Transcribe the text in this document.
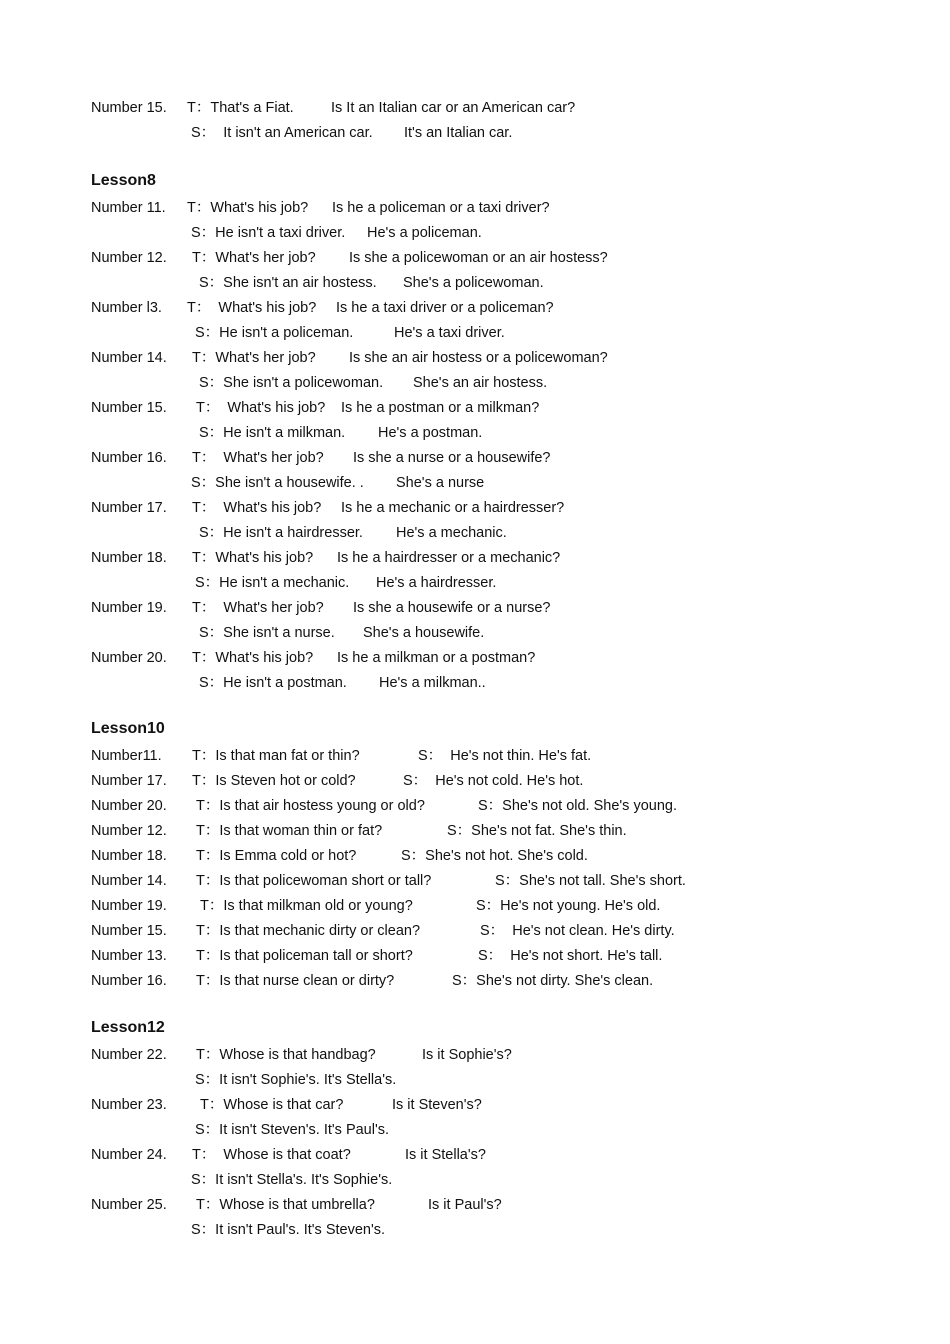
Number 15.

T：That's a Fiat.

	Is It an Italian car or an American car?

S：  It isn't an American car.

It's an Italian car.

Lesson8

Number 11.

T：What's his job?

Is he a policeman or a taxi driver?

S：He isn't a taxi driver.

He's a policeman.

Number 12.

T：What's her job?

Is she a policewoman or an air hostess?

S：She isn't an air hostess.

She's a policewoman.

Number l3.

T：  What's his job?

Is he a taxi driver or a policeman?

S：He isn't a policeman.

	He's a taxi driver.

Number 14.

T：What's her job?

Is she an air hostess or a policewoman?

S：She isn't a policewoman.

She's an air hostess.

Number 15.

T：  What's his job?

Is he a postman or a milkman?

S：He isn't a milkman.

He's a postman.

Number 16.

T：  What's her job?

Is she a nurse or a housewife?

S：She isn't a housewife. .

She's a nurse

Number 17.

T：  What's his job?

Is he a mechanic or a hairdresser?

S：He isn't a hairdresser.

He's a mechanic.

Number 18.

T：What's his job?

Is he a hairdresser or a mechanic?

S：He isn't a mechanic.

He's a hairdresser.

Number 19.

T：  What's her job?

Is she a housewife or a nurse?

S：She isn't a nurse.

She's a housewife.

Number 20.

T：What's his job?

Is he a milkman or a postman?

S：He isn't a postman.

He's a milkman..

Lesson10

Number11.

T：Is that man fat or thin?

	S：  He's not thin. He's fat.

Number 17.

T：Is Steven hot or cold?

	S：  He's not cold. He's hot.

Number 20.

T：Is that air hostess young or old?

	S：She's not old. She's young.

Number 12.

T：Is that woman thin or fat?

	S：She's not fat. She's thin.

Number 18.

T：Is Emma cold or hot?

	S：She's not hot. She's cold.

Number 14.

T：Is that policewoman short or tall?

	S：She's not tall. She's short.

Number 19.

T：Is that milkman old or young?

	S：He's not young. He's old.

Number 15.

T：Is that mechanic dirty or clean?

	S：  He's not clean. He's dirty.

Number 13.

T：Is that policeman tall or short?

	S：  He's not short. He's tall.

Number 16.

T：Is that nurse clean or dirty?

	S：She's not dirty. She's clean.

Lesson12

Number 22.

T：Whose is that handbag?

	Is it Sophie's?

S：It isn't Sophie's. It's Stella's.

Number 23.

T：Whose is that car?

	Is it Steven's?

S：It isn't Steven's. It's Paul's.

Number 24.

T：  Whose is that coat?

	Is it Stella's?

S：It isn't Stella's. It's Sophie's.

Number 25.

T：Whose is that umbrella?

	Is it Paul's?

S：It isn't Paul's. It's Steven's.
